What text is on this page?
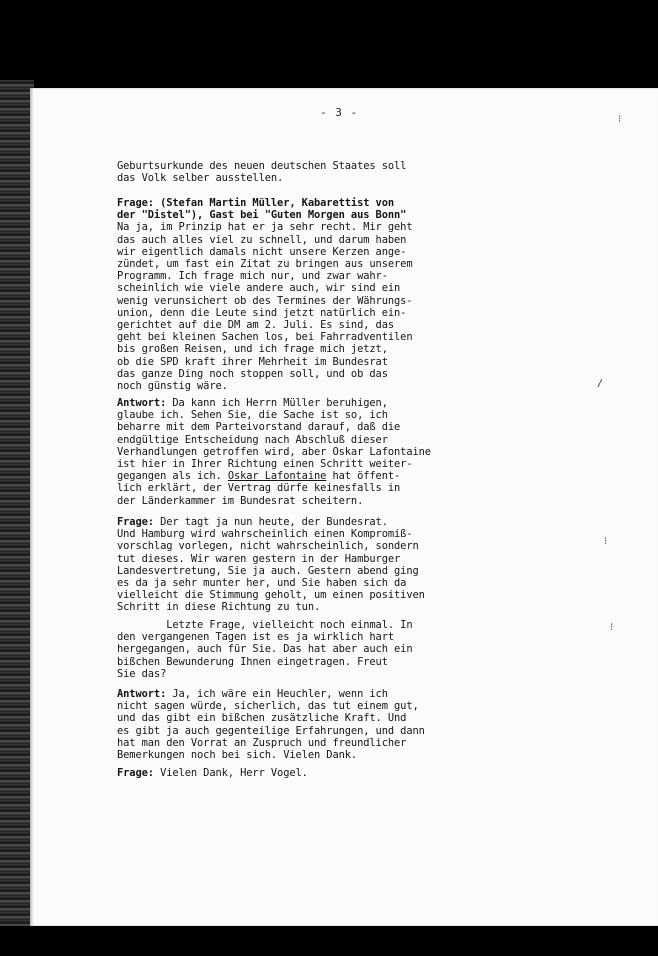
- 3 -
⁝
/
⁝
⁝
Geburtsurkunde des neuen deutschen Staates soll
das Volk selber ausstellen.
Frage: (Stefan Martin Müller, Kabarettist von
der "Distel"), Gast bei "Guten Morgen aus Bonn"
Na ja, im Prinzip hat er ja sehr recht. Mir geht
das auch alles viel zu schnell, und darum haben
wir eigentlich damals nicht unsere Kerzen ange-
zündet, um fast ein Zitat zu bringen aus unserem
Programm. Ich frage mich nur, und zwar wahr-
scheinlich wie viele andere auch, wir sind ein
wenig verunsichert ob des Termines der Währungs-
union, denn die Leute sind jetzt natürlich ein-
gerichtet auf die DM am 2. Juli. Es sind, das
geht bei kleinen Sachen los, bei Fahrradventilen
bis großen Reisen, und ich frage mich jetzt,
ob die SPD kraft ihrer Mehrheit im Bundesrat
das ganze Ding noch stoppen soll, und ob das
noch günstig wäre.
Antwort: Da kann ich Herrn Müller beruhigen,
glaube ich. Sehen Sie, die Sache ist so, ich
beharre mit dem Parteivorstand darauf, daß die
endgültige Entscheidung nach Abschluß dieser
Verhandlungen getroffen wird, aber Oskar Lafontaine
ist hier in Ihrer Richtung einen Schritt weiter-
gegangen als ich. Oskar Lafontaine hat öffent-
lich erklärt, der Vertrag dürfe keinesfalls in
der Länderkammer im Bundesrat scheitern.
Frage: Der tagt ja nun heute, der Bundesrat.
Und Hamburg wird wahrscheinlich einen Kompromiß-
vorschlag vorlegen, nicht wahrscheinlich, sondern
tut dieses. Wir waren gestern in der Hamburger
Landesvertretung, Sie ja auch. Gestern abend ging
es da ja sehr munter her, und Sie haben sich da
vielleicht die Stimmung geholt, um einen positiven
Schritt in diese Richtung zu tun.
Letzte Frage, vielleicht noch einmal. In
den vergangenen Tagen ist es ja wirklich hart
hergegangen, auch für Sie. Das hat aber auch ein
bißchen Bewunderung Ihnen eingetragen. Freut
Sie das?
Antwort: Ja, ich wäre ein Heuchler, wenn ich
nicht sagen würde, sicherlich, das tut einem gut,
und das gibt ein bißchen zusätzliche Kraft. Und
es gibt ja auch gegenteilige Erfahrungen, und dann
hat man den Vorrat an Zuspruch und freundlicher
Bemerkungen noch bei sich. Vielen Dank.
Frage: Vielen Dank, Herr Vogel.
